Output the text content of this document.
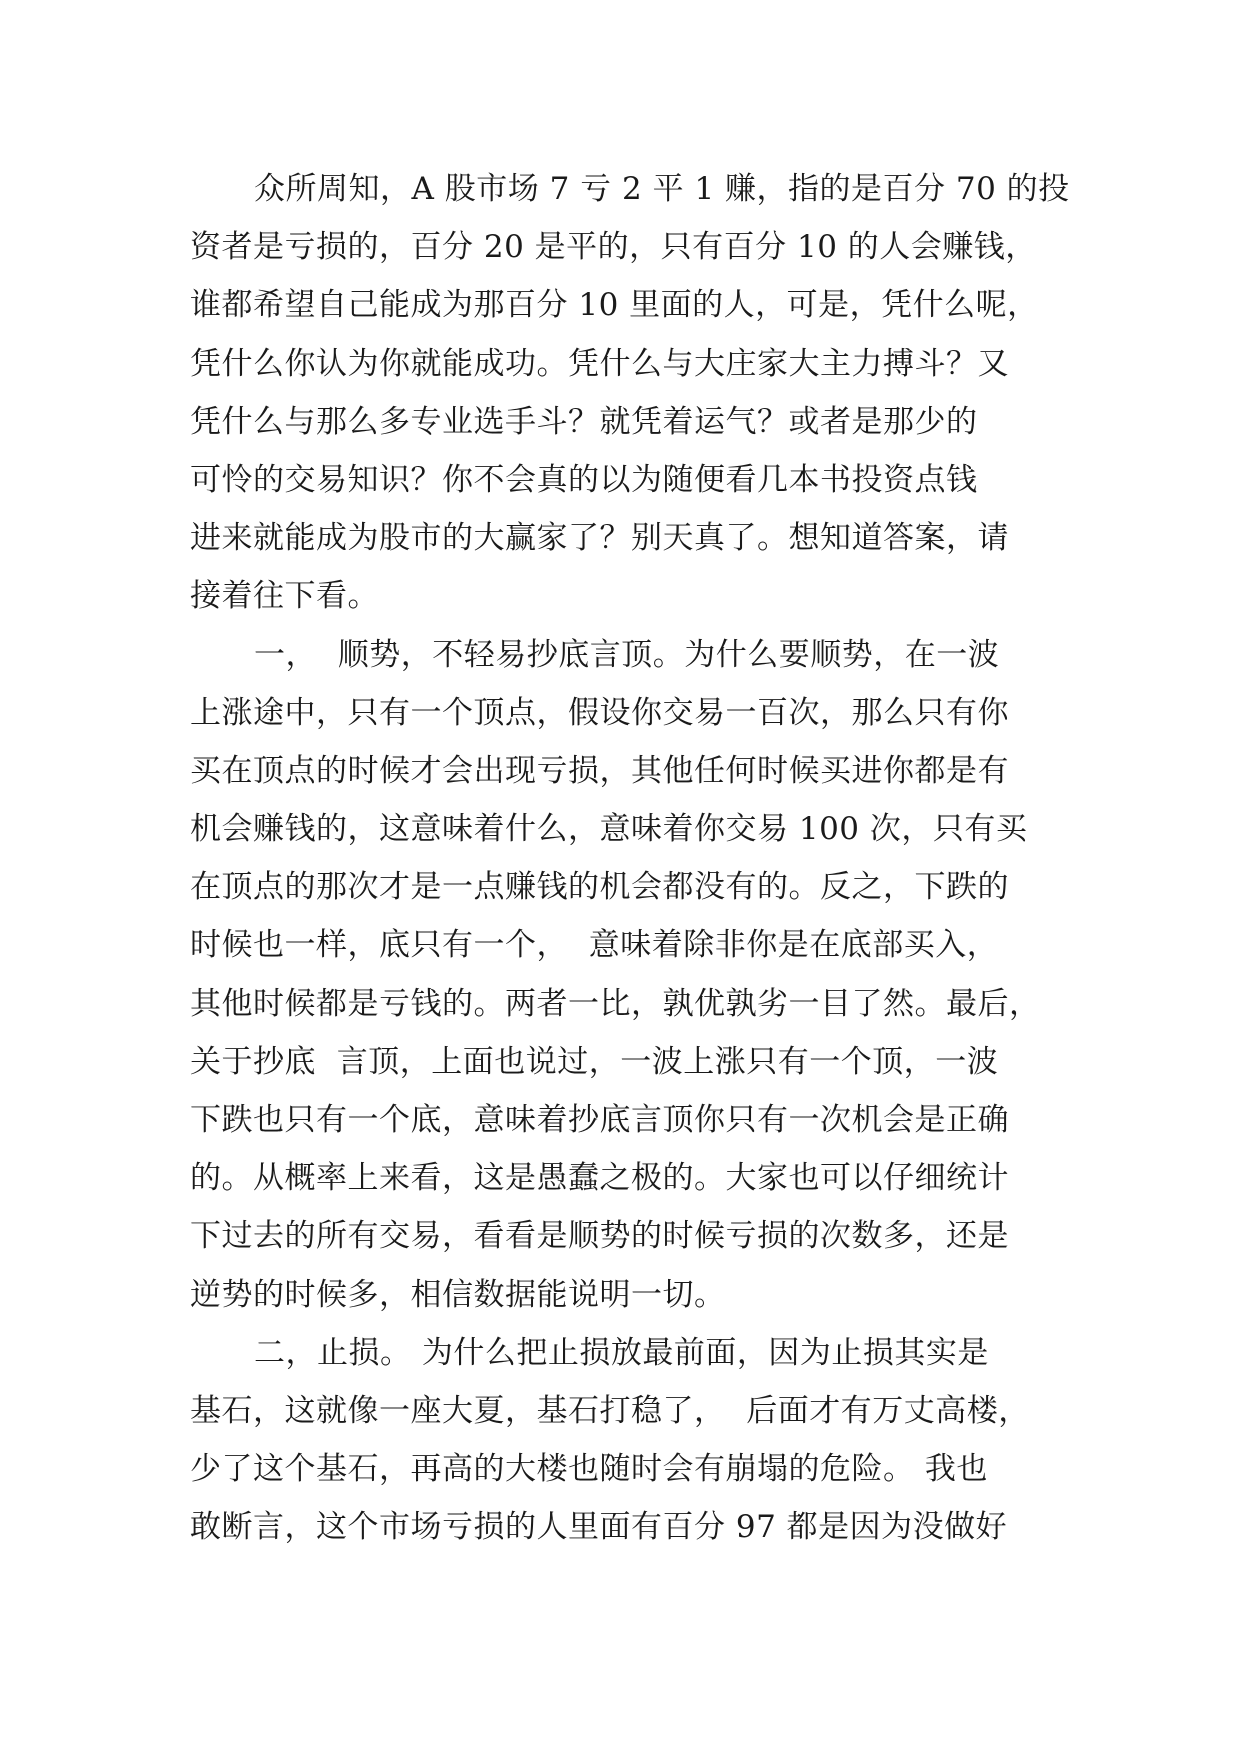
众所周知，A 股市场 7 亏 2 平 1 赚，指的是百分 70 的投
资者是亏损的，百分 20 是平的，只有百分 10 的人会赚钱，
谁都希望自己能成为那百分 10 里面的人，可是，凭什么呢，
凭什么你认为你就能成功。凭什么与大庄家大主力搏斗？又
凭什么与那么多专业选手斗？就凭着运气？或者是那少的
可怜的交易知识？你不会真的以为随便看几本书投资点钱
进来就能成为股市的大赢家了？别天真了。想知道答案，请
接着往下看。
一，  顺势，不轻易抄底言顶。为什么要顺势，在一波
上涨途中，只有一个顶点，假设你交易一百次，那么只有你
买在顶点的时候才会出现亏损，其他任何时候买进你都是有
机会赚钱的，这意味着什么，意味着你交易 100 次，只有买
在顶点的那次才是一点赚钱的机会都没有的。反之，下跌的
时候也一样，底只有一个，  意味着除非你是在底部买入，
其他时候都是亏钱的。两者一比，孰优孰劣一目了然。最后，
关于抄底  言顶，上面也说过，一波上涨只有一个顶，一波
下跌也只有一个底，意味着抄底言顶你只有一次机会是正确
的。从概率上来看，这是愚蠢之极的。大家也可以仔细统计
下过去的所有交易，看看是顺势的时候亏损的次数多，还是
逆势的时候多，相信数据能说明一切。
二，止损。 为什么把止损放最前面，因为止损其实是
基石，这就像一座大夏，基石打稳了，  后面才有万丈高楼，
少了这个基石，再高的大楼也随时会有崩塌的危险。 我也
敢断言，这个市场亏损的人里面有百分 97 都是因为没做好
